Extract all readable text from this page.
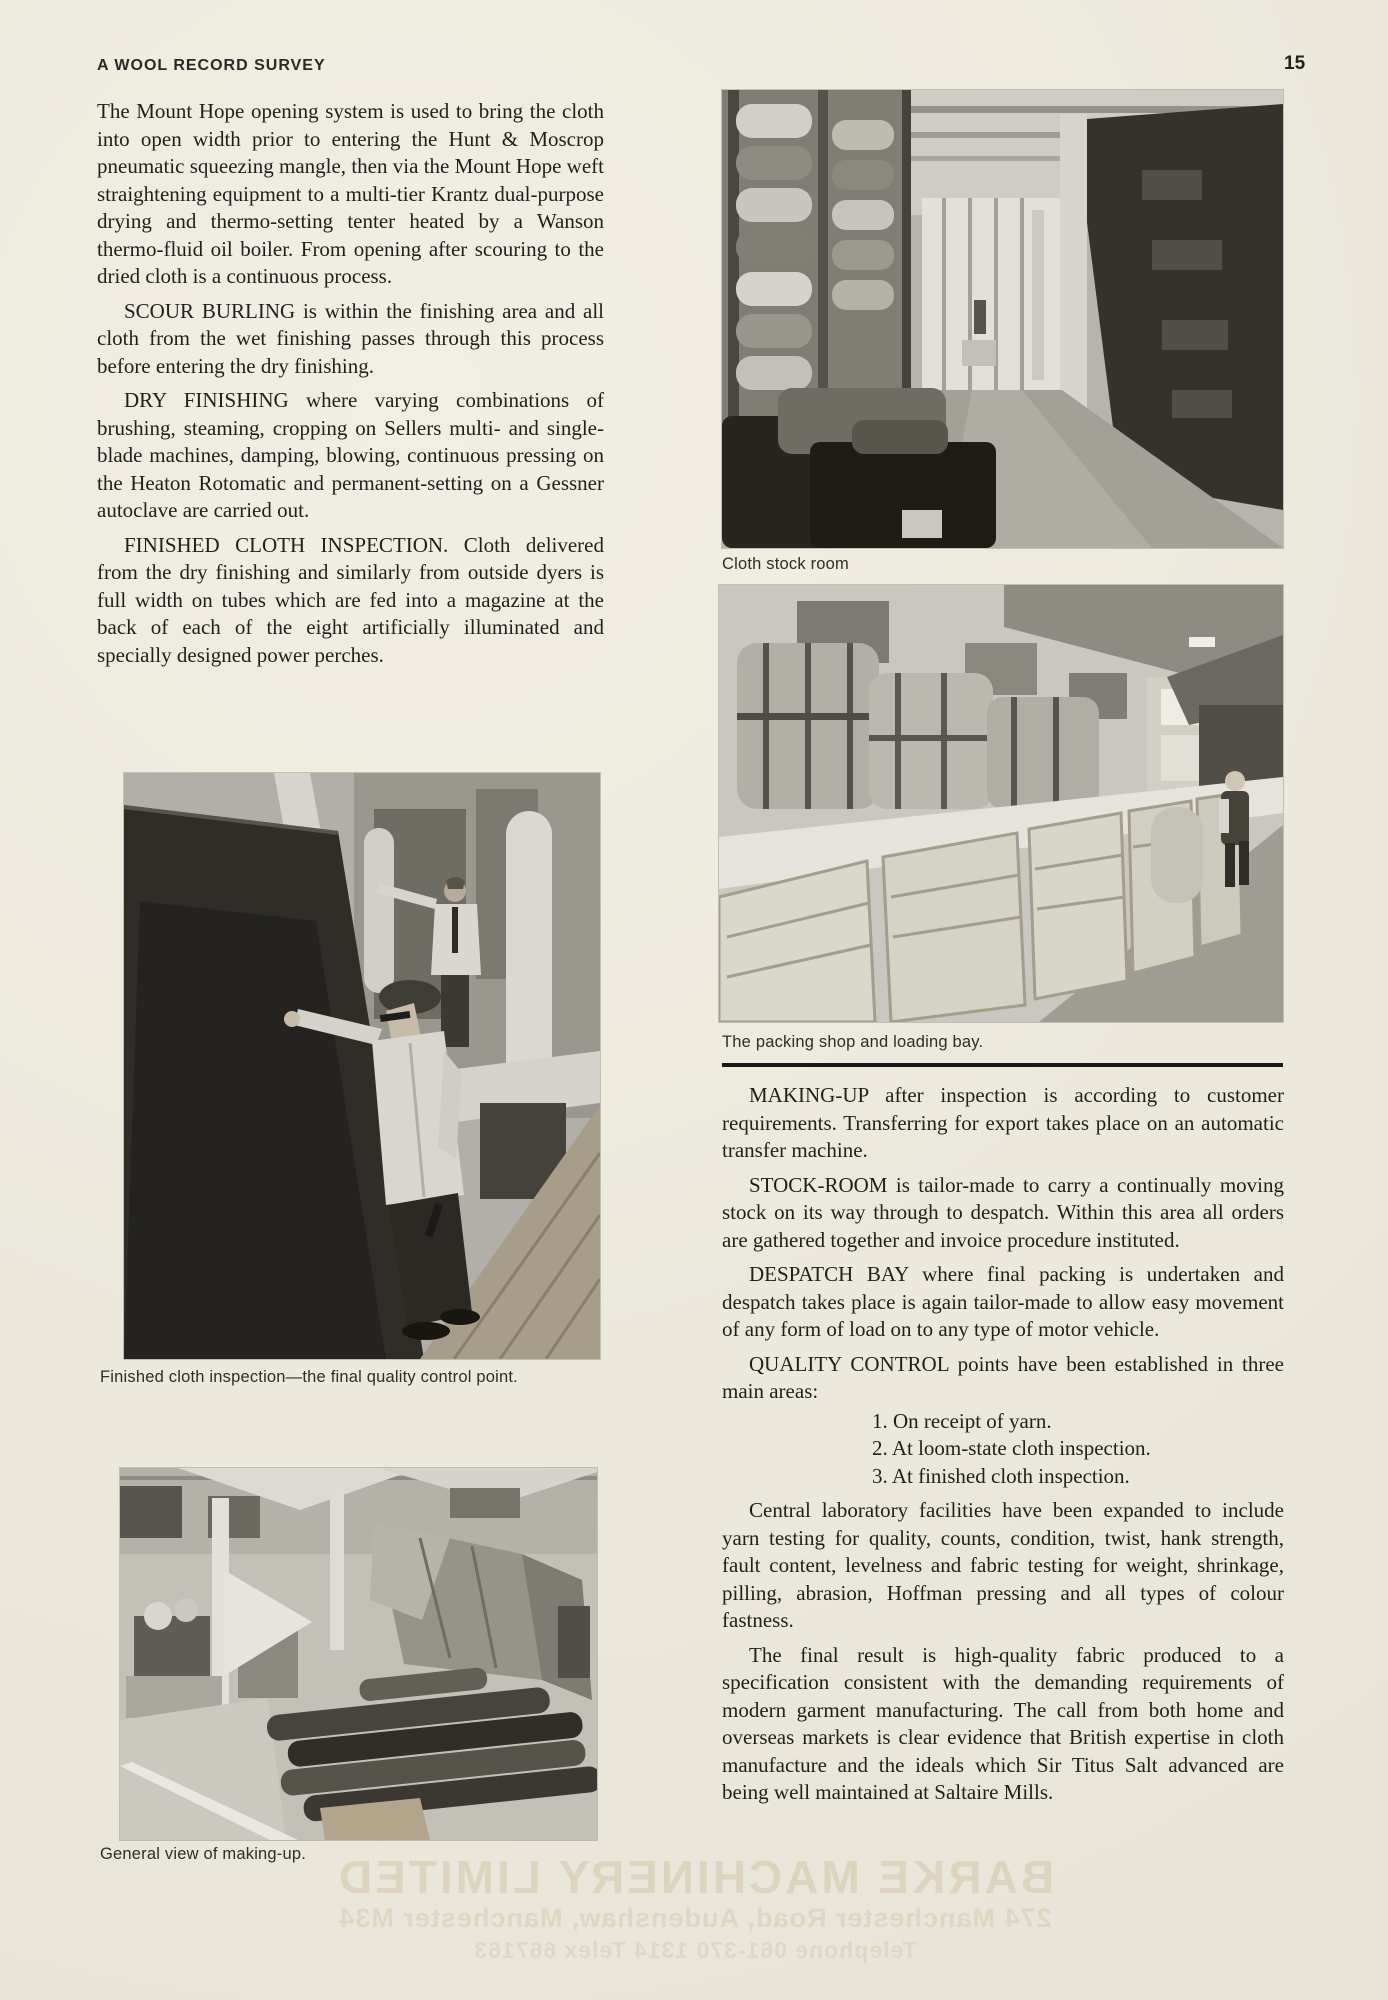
BARKE MACHINERY LIMITED
274 Manchester Road, Audenshaw, Manchester M34
Telephone 061-370 1314 Telex 667163
A WOOL RECORD SURVEY	15

The Mount Hope opening system is used to bring the cloth into open width prior to entering the Hunt & Moscrop pneumatic squeezing mangle, then via the Mount Hope weft straightening equipment to a multi-tier Krantz dual-purpose drying and thermo-setting tenter heated by a Wanson thermo-fluid oil boiler. From opening after scouring to the dried cloth is a continuous process.

SCOUR BURLING is within the finishing area and all cloth from the wet finishing passes through this process before entering the dry finishing.

DRY FINISHING where varying combinations of brushing, steaming, cropping on Sellers multi- and single-blade machines, damping, blowing, continuous pressing on the Heaton Rotomatic and permanent-setting on a Gessner autoclave are carried out.

FINISHED CLOTH INSPECTION. Cloth delivered from the dry finishing and similarly from outside dyers is full width on tubes which are fed into a magazine at the back of each of the eight artificially illuminated and specially designed power perches.

Cloth stock room
The packing shop and loading bay.

MAKING-UP after inspection is according to customer requirements. Transferring for export takes place on an automatic transfer machine.

STOCK-ROOM is tailor-made to carry a continually moving stock on its way through to despatch. Within this area all orders are gathered together and invoice procedure instituted.

DESPATCH BAY where final packing is undertaken and despatch takes place is again tailor-made to allow easy movement of any form of load on to any type of motor vehicle.

QUALITY CONTROL points have been established in three main areas:

1. On receipt of yarn.
2. At loom-state cloth inspection.
3. At finished cloth inspection.

Central laboratory facilities have been expanded to include yarn testing for quality, counts, condition, twist, hank strength, fault content, levelness and fabric testing for weight, shrinkage, pilling, abrasion, Hoffman pressing and all types of colour fastness.

The final result is high-quality fabric produced to a specification consistent with the demanding requirements of modern garment manufacturing. The call from both home and overseas markets is clear evidence that British expertise in cloth manufacture and the ideals which Sir Titus Salt advanced are being well maintained at Saltaire Mills.

Finished cloth inspection—the final quality control point.
General view of making-up.
